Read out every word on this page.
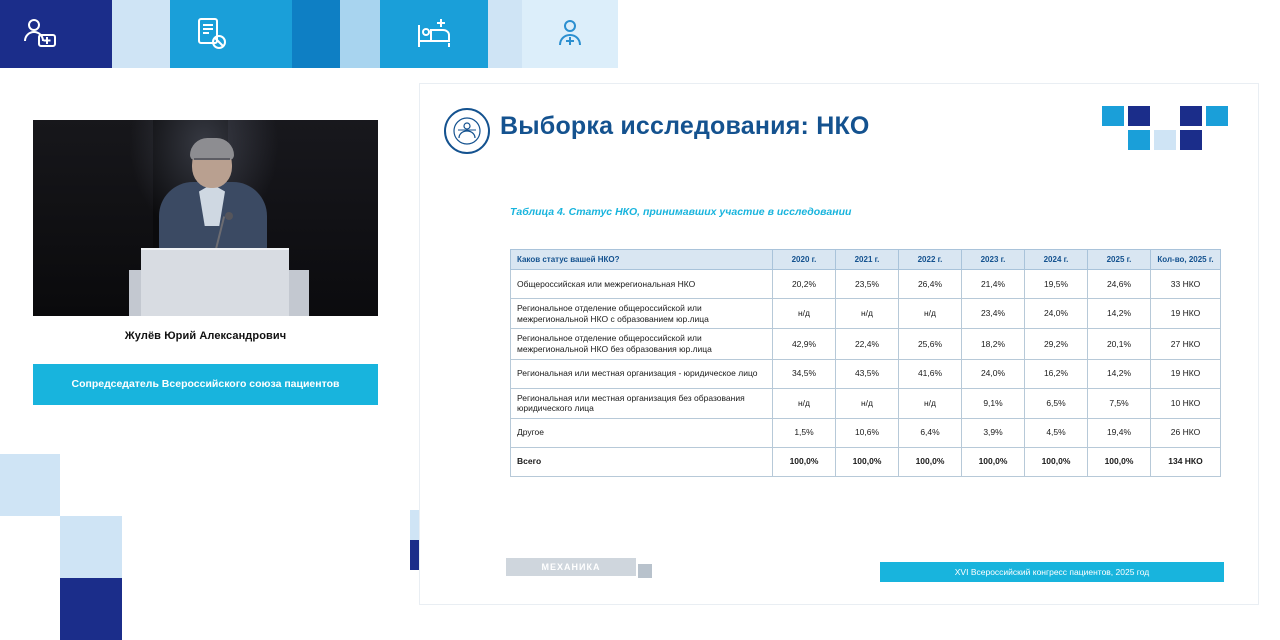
Жулёв Юрий Александрович
Сопредседатель Всероссийского союза пациентов
Выборка исследования: НКО
Таблица 4. Статус НКО, принимавших участие в исследовании
Каков статус вашей НКО?	2020 г.	2021 г.	2022 г.	2023 г.	2024 г.	2025 г.	Кол-во, 2025 г.
Общероссийская или межрегиональная НКО	20,2%	23,5%	26,4%	21,4%	19,5%	24,6%	33 НКО
Региональное отделение общероссийской или межрегиональной НКО с образованием юр.лица	н/д	н/д	н/д	23,4%	24,0%	14,2%	19 НКО
Региональное отделение общероссийской или межрегиональной НКО без образования юр.лица	42,9%	22,4%	25,6%	18,2%	29,2%	20,1%	27 НКО
Региональная или местная организация - юридическое лицо	34,5%	43,5%	41,6%	24,0%	16,2%	14,2%	19 НКО
Региональная или местная организация без образования юридического лица	н/д	н/д	н/д	9,1%	6,5%	7,5%	10 НКО
Другое	1,5%	10,6%	6,4%	3,9%	4,5%	19,4%	26 НКО
Всего	100,0%	100,0%	100,0%	100,0%	100,0%	100,0%	134 НКО
МЕХАНИКА	XVI Всероссийский конгресс пациентов, 2025 год
